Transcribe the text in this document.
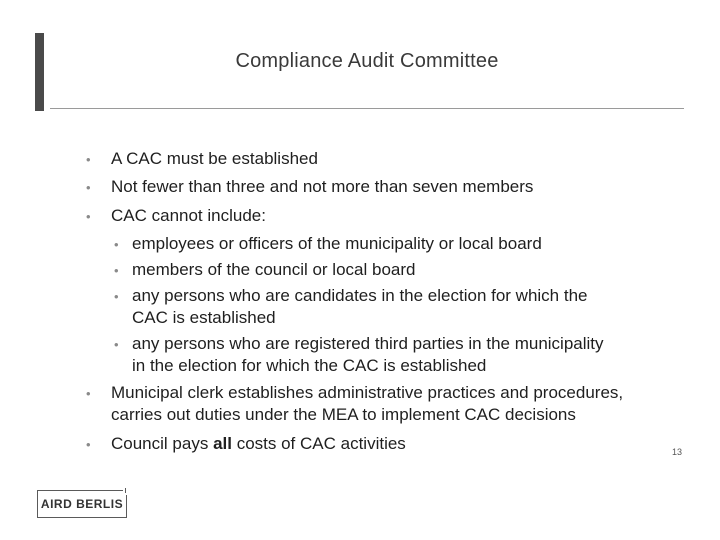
Compliance Audit Committee
• A CAC must be established
• Not fewer than three and not more than seven members
• CAC cannot include:
• employees or officers of the municipality or local board
• members of the council or local board
• any persons who are candidates in the election for which the
CAC is established
• any persons who are registered third parties in the municipality
in the election for which the CAC is established
• Municipal clerk establishes administrative practices and procedures,
carries out duties under the MEA to implement CAC decisions
• Council pays all costs of CAC activities	13
AIRD BERLIS
